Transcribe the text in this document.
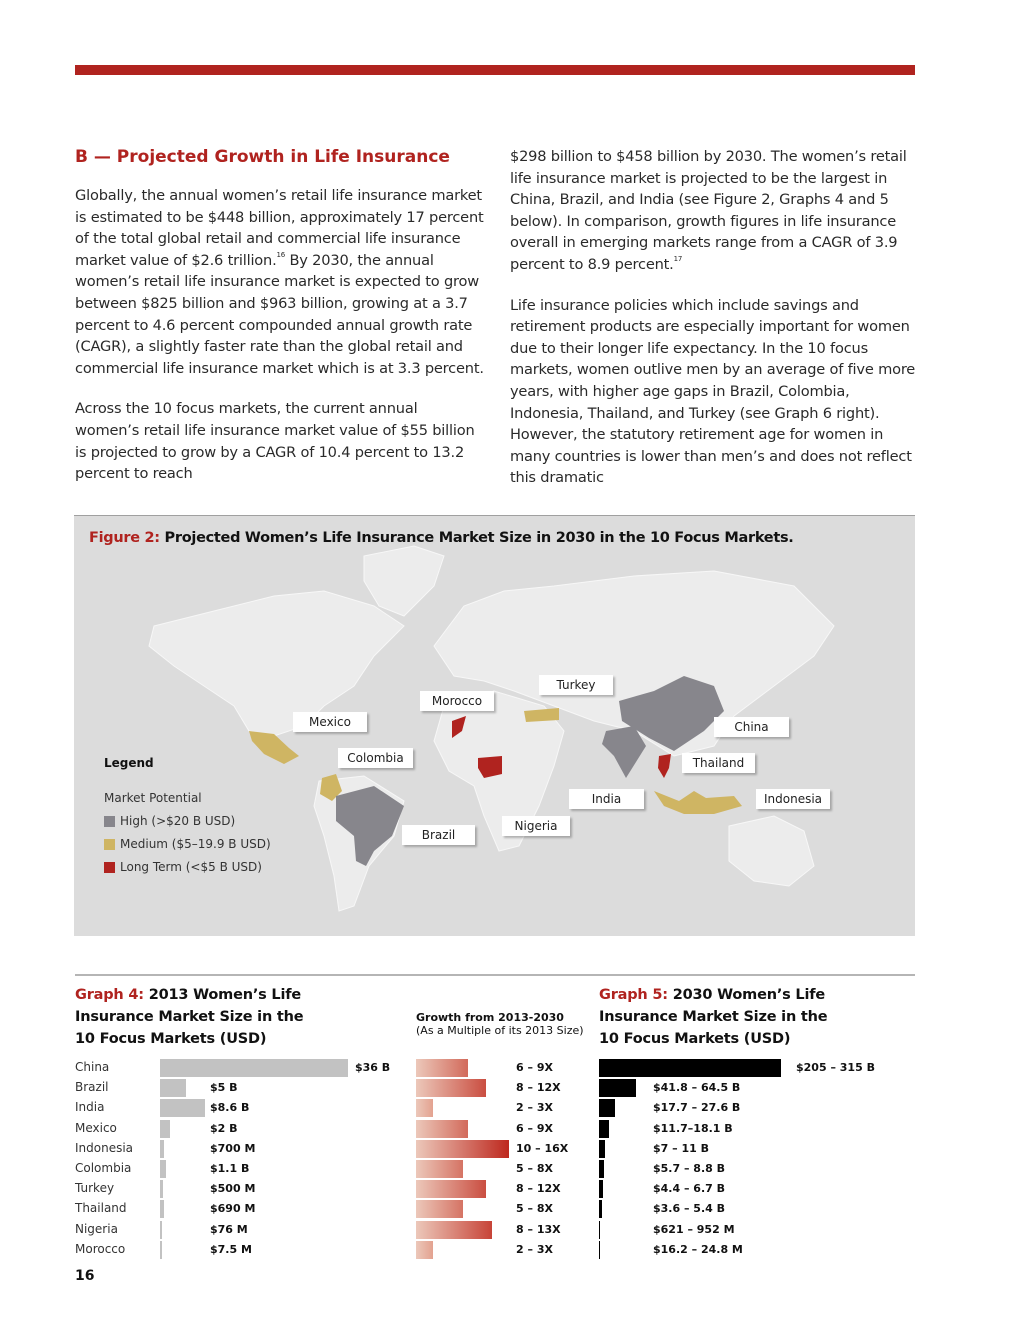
B — Projected Growth in Life Insurance

Globally, the annual women’s retail life insurance market is estimated to be $448 billion, approximately 17 percent of the total global retail and commercial life insurance market value of $2.6 trillion.$^{16}$ By 2030, the annual women’s retail life insurance market is expected to grow between $825 billion and $963 billion, growing at a 3.7 percent to 4.6 percent compounded annual growth rate (CAGR), a slightly faster rate than the global retail and commercial life insurance market which is at 3.3 percent.

Across the 10 focus markets, the current annual women’s retail life insurance market value of $55 billion is projected to grow by a CAGR of 10.4 percent to 13.2 percent to reach

$298 billion to $458 billion by 2030. The women’s retail life insurance market is projected to be the largest in China, Brazil, and India (see Figure 2, Graphs 4 and 5 below). In comparison, growth figures in life insurance overall in emerging markets range from a CAGR of 3.9 percent to 8.9 percent.$^{17}$

Life insurance policies which include savings and retirement products are especially important for women due to their longer life expectancy. In the 10 focus markets, women outlive men by an average of five more years, with higher age gaps in Brazil, Colombia, Indonesia, Thailand, and Turkey (see Graph 6 right). However, the statutory retirement age for women in many countries is lower than men’s and does not reflect this dramatic

Figure 2: Projected Women’s Life Insurance Market Size in 2030 in the 10 Focus Markets.
Legend
Market Potential
High (>$20 B USD)
Medium ($5–19.9 B USD)
Long Term (<$5 B USD)
Mexico
Colombia
Brazil
Morocco
Nigeria
Turkey
China
Thailand
India	Indonesia
Graph 4: 2013 Women’s Life Insurance Market Size in the 10 Focus Markets (USD)
Growth from 2013-2030
(As a Multiple of its 2013 Size)
Graph 5: 2030 Women’s Life Insurance Market Size in the 10 Focus Markets (USD)
China	$36 B	6 – 9X	$205 – 315 B
Brazil	$5 B	8 – 12X	$41.8 – 64.5 B
India	$8.6 B	2 – 3X	$17.7 – 27.6 B
Mexico	$2 B	6 – 9X	$11.7–18.1 B
Indonesia	$700 M	10 – 16X	$7 – 11 B
Colombia	$1.1 B	5 – 8X	$5.7 – 8.8 B
Turkey	$500 M	8 – 12X	$4.4 – 6.7 B
Thailand	$690 M	5 – 8X	$3.6 – 5.4 B
Nigeria	$76 M	8 – 13X	$621 – 952 M
Morocco	$7.5 M	2 – 3X	$16.2 – 24.8 M
16
